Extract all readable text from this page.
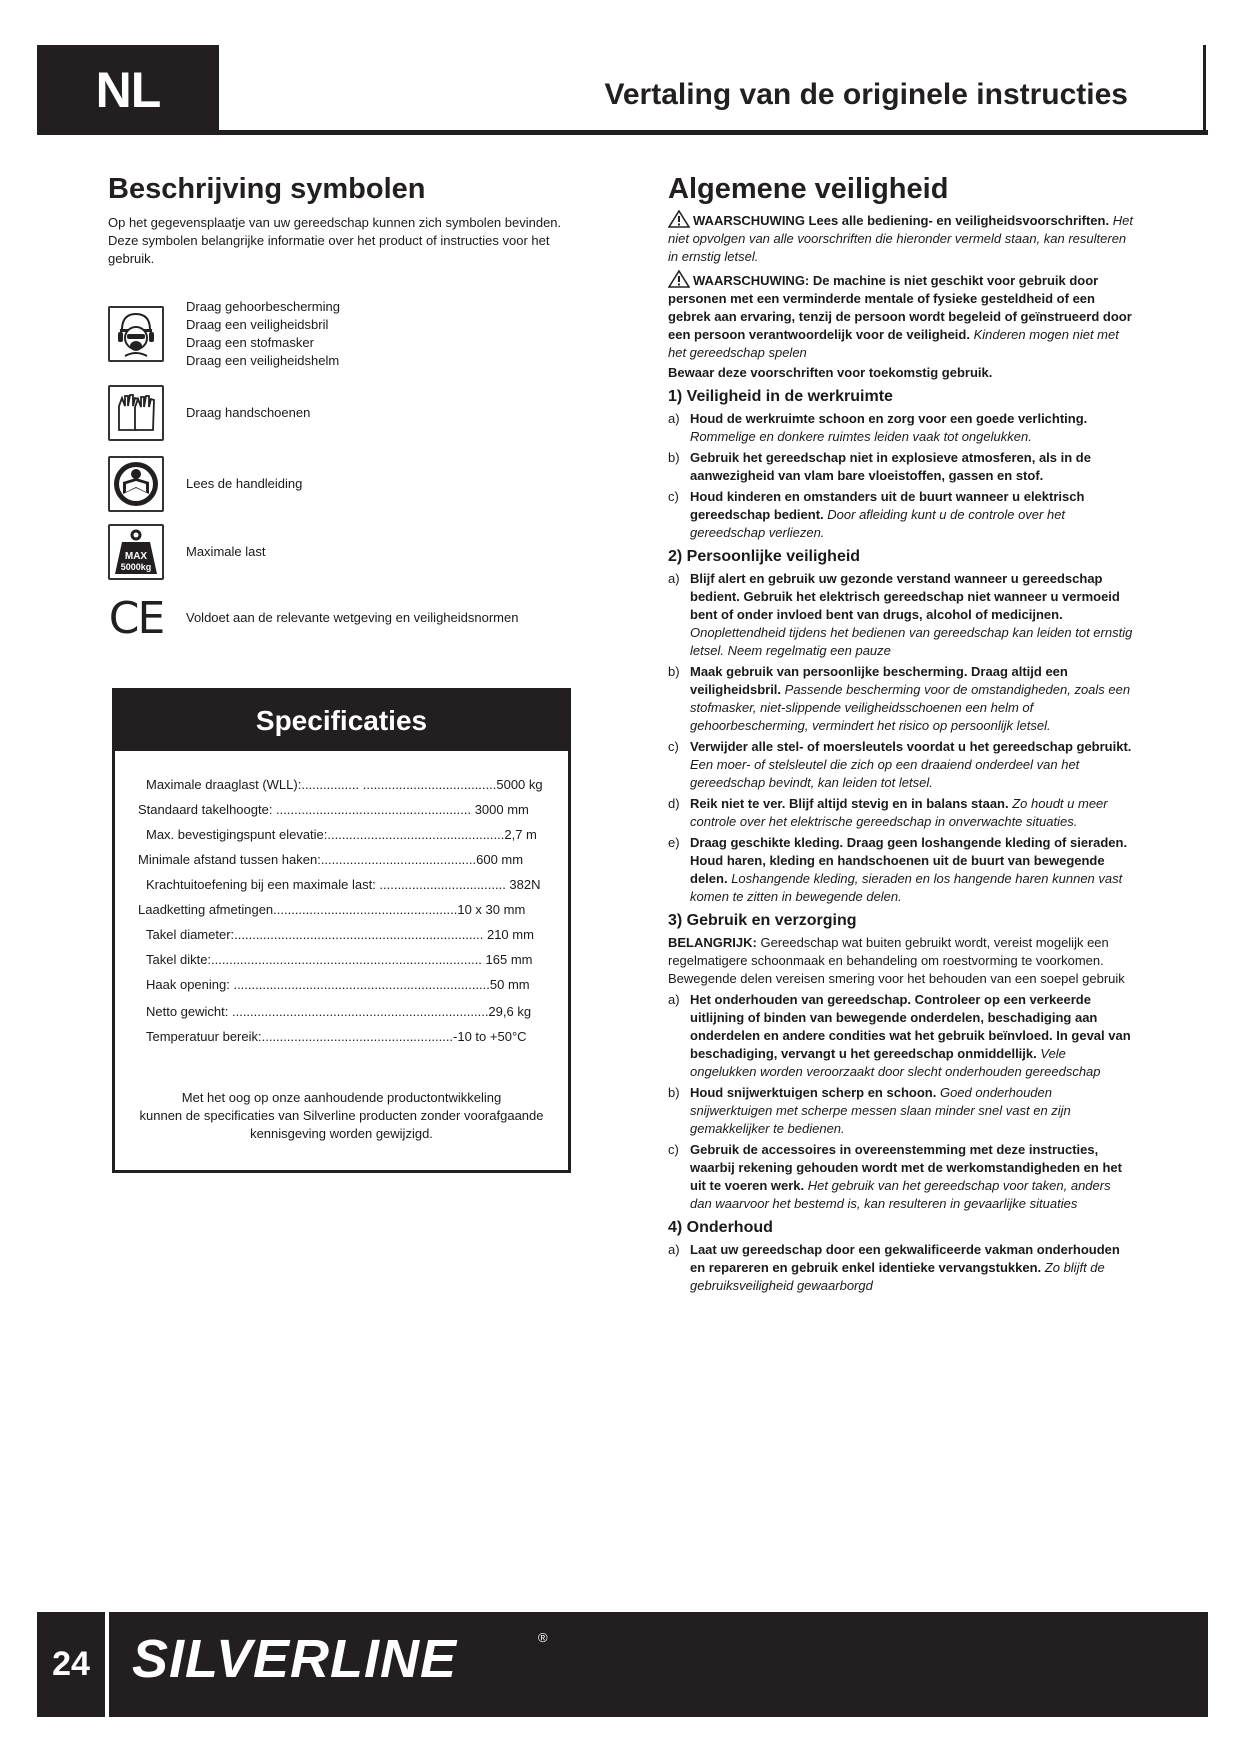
NL	Vertaling van de originele instructies
Beschrijving symbolen
Op het gegevensplaatje van uw gereedschap kunnen zich symbolen bevinden. Deze symbolen belangrijke informatie over het product of instructies voor het gebruik.
Draag gehoorbescherming
Draag een veiligheidsbril
Draag een stofmasker
Draag een veiligheidshelm
Draag handschoenen
Lees de handleiding
MAX
5000kg
Maximale last
CE Voldoet aan de relevante wetgeving en veiligheidsnormen
Specificaties
Maximale draaglast (WLL):................ .....................................5000 kg
Standaard takelhoogte: ...................................................... 3000 mm
Max. bevestigingspunt elevatie:.................................................2,7 m
Minimale afstand tussen haken:...........................................600 mm
Krachtuitoefening bij een maximale last: ................................... 382N
Laadketting afmetingen...................................................10 x 30 mm
Takel diameter:..................................................................... 210 mm
Takel dikte:........................................................................... 165 mm
Haak opening: .......................................................................50 mm
Netto gewicht: .......................................................................29,6 kg
Temperatuur bereik:.....................................................-10 to +50°C
Met het oog op onze aanhoudende productontwikkeling
kunnen de specificaties van Silverline producten zonder voorafgaande
kennisgeving worden gewijzigd.
Algemene veiligheid
WAARSCHUWING Lees alle bediening- en veiligheidsvoorschriften. Het niet opvolgen van alle voorschriften die hieronder vermeld staan, kan resulteren in ernstig letsel.
WAARSCHUWING: De machine is niet geschikt voor gebruik door personen met een verminderde mentale of fysieke gesteldheid of een gebrek aan ervaring, tenzij de persoon wordt begeleid of geïnstrueerd door een persoon verantwoordelijk voor de veiligheid. Kinderen mogen niet met het gereedschap spelen
Bewaar deze voorschriften voor toekomstig gebruik.
1) Veiligheid in de werkruimte
a) Houd de werkruimte schoon en zorg voor een goede verlichting. Rommelige en donkere ruimtes leiden vaak tot ongelukken.
b) Gebruik het gereedschap niet in explosieve atmosferen, als in de aanwezigheid van vlam bare vloeistoffen, gassen en stof.
c) Houd kinderen en omstanders uit de buurt wanneer u elektrisch gereedschap bedient. Door afleiding kunt u de controle over het gereedschap verliezen.
2) Persoonlijke veiligheid
a) Blijf alert en gebruik uw gezonde verstand wanneer u gereedschap bedient. Gebruik het elektrisch gereedschap niet wanneer u vermoeid bent of onder invloed bent van drugs, alcohol of medicijnen. Onoplettendheid tijdens het bedienen van gereedschap kan leiden tot ernstig letsel. Neem regelmatig een pauze
b) Maak gebruik van persoonlijke bescherming. Draag altijd een veiligheidsbril. Passende bescherming voor de omstandigheden, zoals een stofmasker, niet-slippende veiligheidsschoenen een helm of gehoorbescherming, vermindert het risico op persoonlijk letsel.
c) Verwijder alle stel- of moersleutels voordat u het gereedschap gebruikt. Een moer- of stelsleutel die zich op een draaiend onderdeel van het gereedschap bevindt, kan leiden tot letsel.
d) Reik niet te ver. Blijf altijd stevig en in balans staan. Zo houdt u meer controle over het elektrische gereedschap in onverwachte situaties.
e) Draag geschikte kleding. Draag geen loshangende kleding of sieraden. Houd haren, kleding en handschoenen uit de buurt van bewegende delen. Loshangende kleding, sieraden en los hangende haren kunnen vast komen te zitten in bewegende delen.
3) Gebruik en verzorging
BELANGRIJK: Gereedschap wat buiten gebruikt wordt, vereist mogelijk een regelmatigere schoonmaak en behandeling om roestvorming te voorkomen. Bewegende delen vereisen smering voor het behouden van een soepel gebruik
a) Het onderhouden van gereedschap. Controleer op een verkeerde uitlijning of binden van bewegende onderdelen, beschadiging aan onderdelen en andere condities wat het gebruik beïnvloed. In geval van beschadiging, vervangt u het gereedschap onmiddellijk. Vele ongelukken worden veroorzaakt door slecht onderhouden gereedschap
b) Houd snijwerktuigen scherp en schoon. Goed onderhouden snijwerktuigen met scherpe messen slaan minder snel vast en zijn gemakkelijker te bedienen.
c) Gebruik de accessoires in overeenstemming met deze instructies, waarbij rekening gehouden wordt met de werkomstandigheden en het uit te voeren werk. Het gebruik van het gereedschap voor taken, anders dan waarvoor het bestemd is, kan resulteren in gevaarlijke situaties
4) Onderhoud
a) Laat uw gereedschap door een gekwalificeerde vakman onderhouden en repareren en gebruik enkel identieke vervangstukken. Zo blijft de gebruiksveiligheid gewaarborgd
24 SILVERLINE	®
